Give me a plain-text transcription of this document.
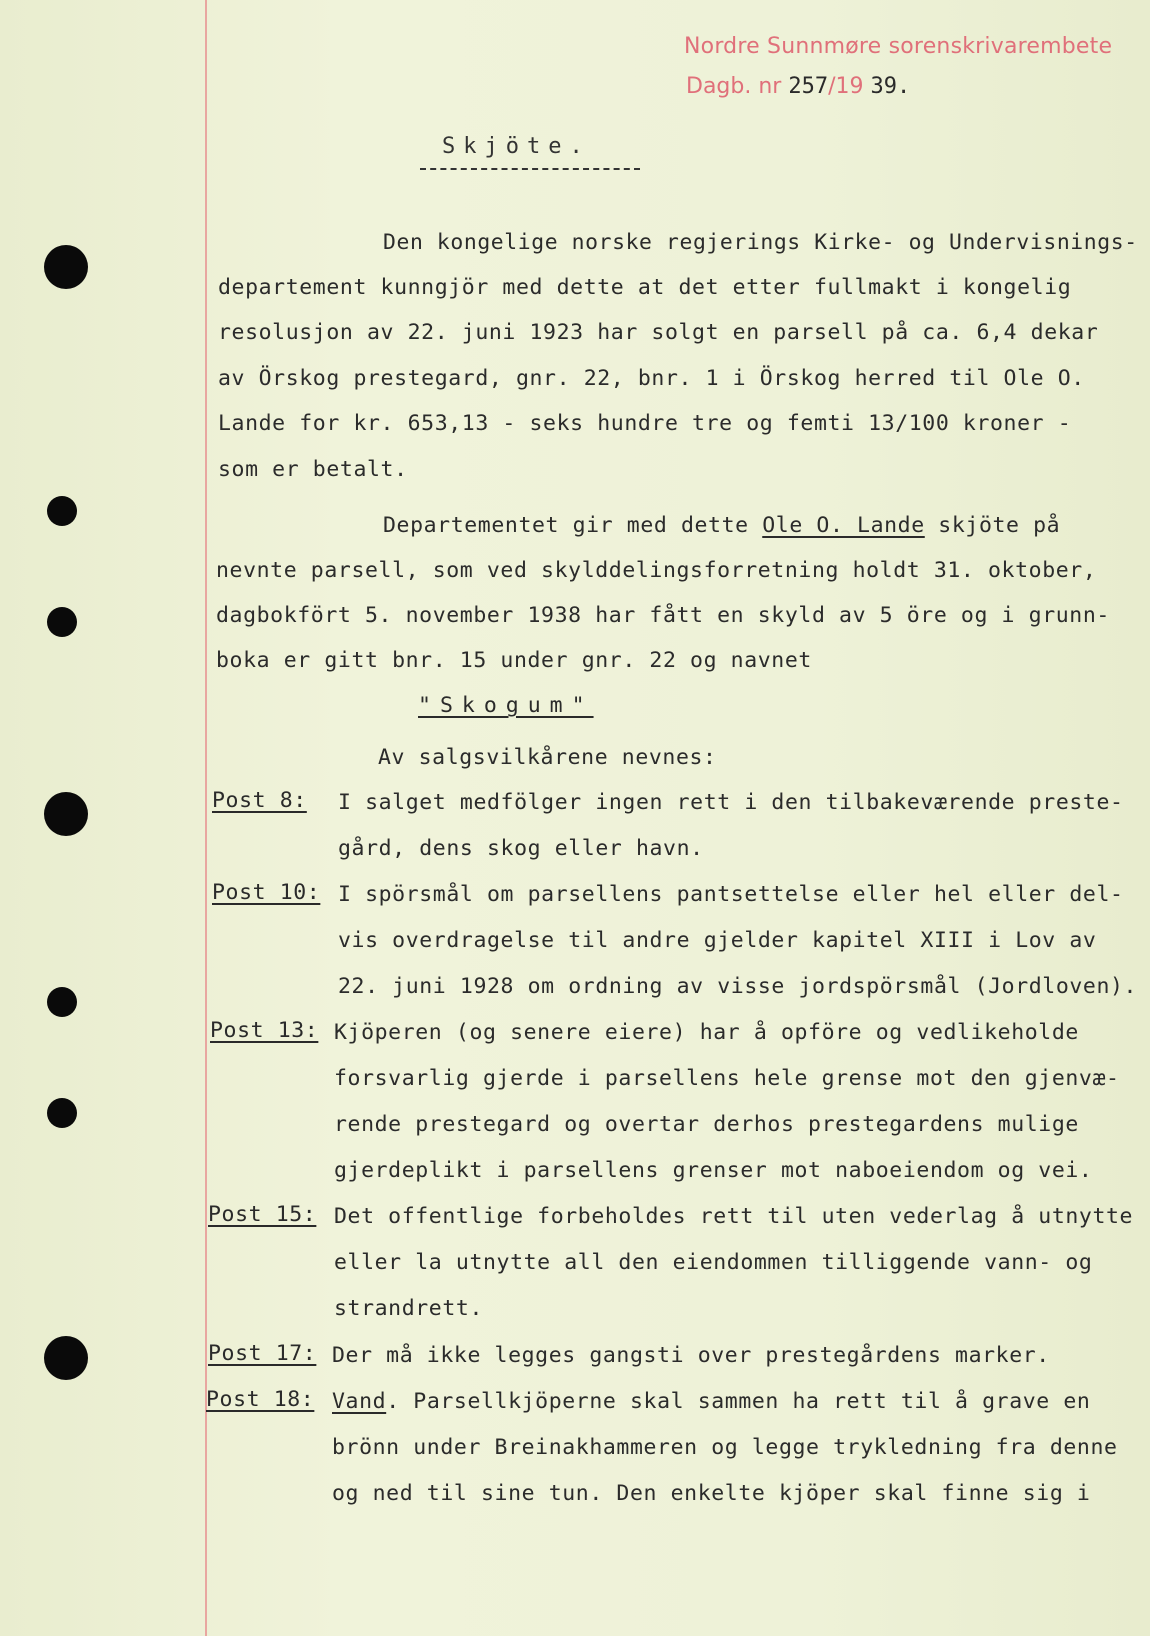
Nordre Sunnmøre sorenskrivarembete
Dagb. nr 257/19 39.
Skjöte.
Den kongelige norske regjerings Kirke- og Undervisnings-
departement kunngjör med dette at det etter fullmakt i kongelig
resolusjon av 22. juni 1923 har solgt en parsell på ca. 6,4 dekar
av Örskog prestegard, gnr. 22, bnr. 1 i Örskog herred til Ole O.
Lande for kr. 653,13 - seks hundre tre og femti 13/100 kroner -
som er betalt.
Departementet gir med dette Ole O. Lande skjöte på
nevnte parsell, som ved skylddelingsforretning holdt 31. oktober,
dagbokfört 5. november 1938 har fått en skyld av 5 öre og i grunn-
boka er gitt bnr. 15 under gnr. 22 og navnet
"Skogum"
Av salgsvilkårene nevnes:
Post 8: I salget medfölger ingen rett i den tilbakeværende preste-
gård, dens skog eller havn.
Post 10: I spörsmål om parsellens pantsettelse eller hel eller del-
vis overdragelse til andre gjelder kapitel XIII i Lov av
22. juni 1928 om ordning av visse jordspörsmål (Jordloven).
Post 13: Kjöperen (og senere eiere) har å opföre og vedlikeholde
forsvarlig gjerde i parsellens hele grense mot den gjenvæ-
rende prestegard og overtar derhos prestegardens mulige
gjerdeplikt i parsellens grenser mot naboeiendom og vei.
Post 15: Det offentlige forbeholdes rett til uten vederlag å utnytte
eller la utnytte all den eiendommen tilliggende vann- og
strandrett.
Post 17: Der må ikke legges gangsti over prestegårdens marker.
Post 18: Vand. Parsellkjöperne skal sammen ha rett til å grave en
brönn under Breinakhammeren og legge trykledning fra denne
og ned til sine tun. Den enkelte kjöper skal finne sig i
